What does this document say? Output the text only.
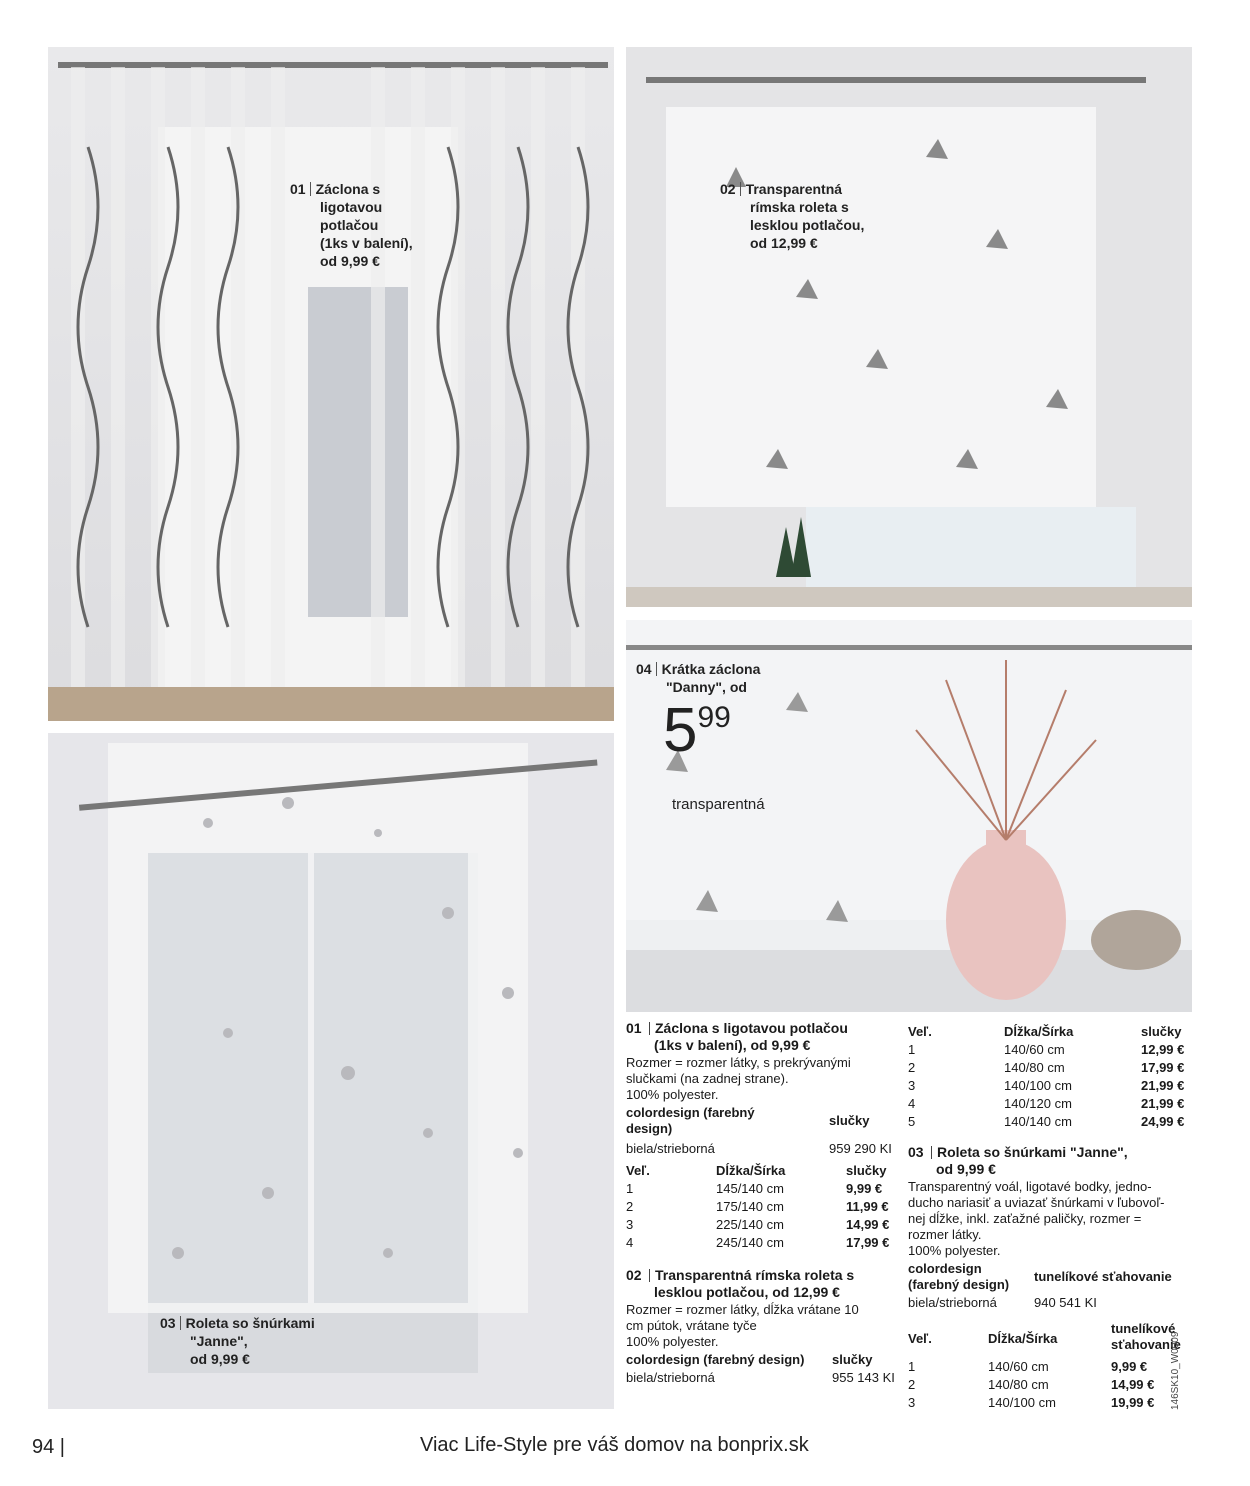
01 Záclona s
ligotavou
potlačou
(1ks v balení),
od 9,99 €
02 Transparentná
rímska roleta s
lesklou potlačou,
od 12,99 €
03 Roleta so šnúrkami
"Janne",
od 9,99 €
04 Krátka záclona
"Danny", od
599
transparentná
01 Záclona s ligotavou potlačou
(1ks v balení), od 9,99 €
Rozmer = rozmer látky, s prekrývanými
slučkami (na zadnej strane).
100% polyester.
colordesign (farebný
design)
slučky
biela/strieborná	959 290 KI
Veľ.	Dĺžka/Šírka	slučky
1	145/140 cm	9,99 €
2	175/140 cm	11,99 €
3	225/140 cm	14,99 €
4	245/140 cm	17,99 €
02 Transparentná rímska roleta s
lesklou potlačou, od 12,99 €
Rozmer = rozmer látky, dĺžka vrátane 10
cm pútok, vrátane tyče
100% polyester.
colordesign (farebný design) slučky
biela/strieborná	955 143 KI
Veľ.	Dĺžka/Šírka	slučky
1	140/60 cm	12,99 €
2	140/80 cm	17,99 €
3	140/100 cm	21,99 €
4	140/120 cm	21,99 €
5	140/140 cm	24,99 €
03 Roleta so šnúrkami "Janne",
od 9,99 €
Transparentný voál, ligotavé bodky, jedno-
ducho nariasiť a uviazať šnúrkami v ľubovoľ-
nej dĺžke, inkl. zaťažné paličky, rozmer =
rozmer látky.
100% polyester.
colordesign
(farebný design)
tunelíkové sťahovanie
biela/strieborná	940 541 KI
Veľ.	Dĺžka/Šírka
tunelíkové
sťahovanie
1	140/60 cm	9,99 €
2	140/80 cm	14,99 €
3	140/100 cm	19,99 €
94 |	Viac Life-Style pre váš domov na bonprix.sk
146SK10_W0009
